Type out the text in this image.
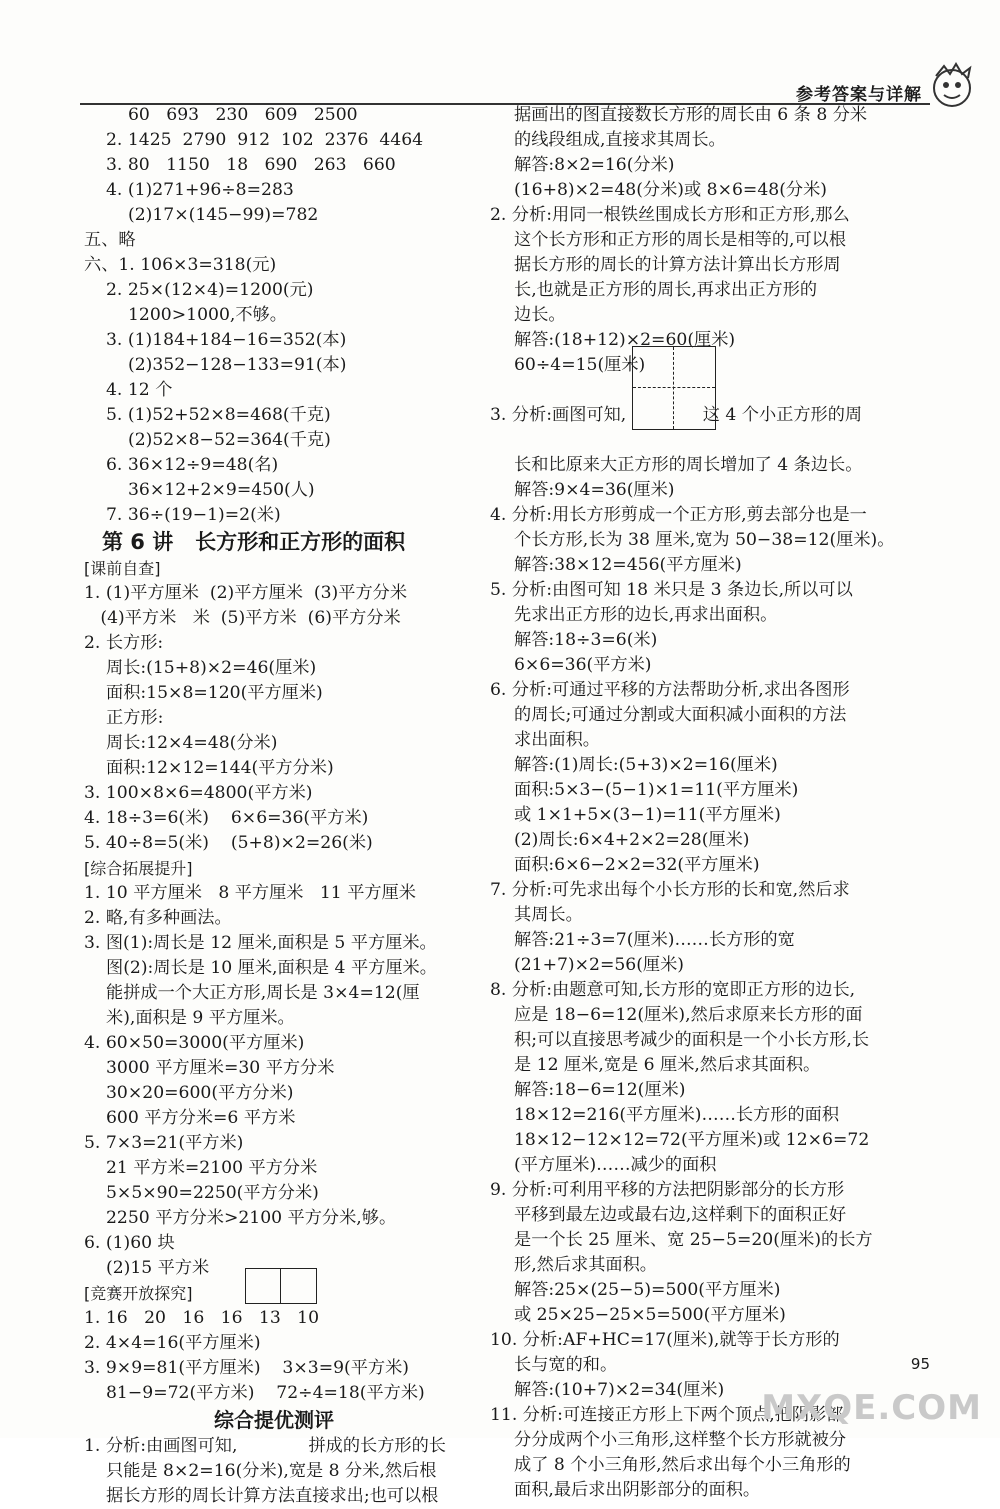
参考答案与详解
60   693   230   609   2500
2. 1425  2790  912  102  2376  4464
3. 80   1150   18   690   263   660
4. (1)271+96÷8=283
(2)17×(145−99)=782
五、略
六、1. 106×3=318(元)
2. 25×(12×4)=1200(元)
1200>1000,不够。
3. (1)184+184−16=352(本)
(2)352−128−133=91(本)
4. 12 个
5. (1)52+52×8=468(千克)
(2)52×8−52=364(千克)
6. 36×12÷9=48(名)
36×12+2×9=450(人)
7. 36÷(19−1)=2(米)
第 6 讲   长方形和正方形的面积
[课前自查]
1. (1)平方厘米  (2)平方厘米  (3)平方分米
(4)平方米   米  (5)平方米  (6)平方分米
2. 长方形:
周长:(15+8)×2=46(厘米)
面积:15×8=120(平方厘米)
正方形:
周长:12×4=48(分米)
面积:12×12=144(平方分米)
3. 100×8×6=4800(平方米)
4. 18÷3=6(米)    6×6=36(平方米)
5. 40÷8=5(米)    (5+8)×2=26(米)
[综合拓展提升]
1. 10 平方厘米   8 平方厘米   11 平方厘米
2. 略,有多种画法。
3. 图(1):周长是 12 厘米,面积是 5 平方厘米。
图(2):周长是 10 厘米,面积是 4 平方厘米。
能拼成一个大正方形,周长是 3×4=12(厘
米),面积是 9 平方厘米。
4. 60×50=3000(平方厘米)
3000 平方厘米=30 平方分米
30×20=600(平方分米)
600 平方分米=6 平方米
5. 7×3=21(平方米)
21 平方米=2100 平方分米
5×5×90=2250(平方分米)
2250 平方分米>2100 平方分米,够。
6. (1)60 块
(2)15 平方米
[竞赛开放探究]
1. 16   20   16   16   13   10
2. 4×4=16(平方厘米)
3. 9×9=81(平方厘米)    3×3=9(平方米)
81−9=72(平方米)    72÷4=18(平方米)
综合提优测评
1. 分析:由画图可知,             拼成的长方形的长
只能是 8×2=16(分米),宽是 8 分米,然后根
据长方形的周长计算方法直接求出;也可以根
据画出的图直接数长方形的周长由 6 条 8 分米
的线段组成,直接求其周长。
解答:8×2=16(分米)
(16+8)×2=48(分米)或 8×6=48(分米)
2. 分析:用同一根铁丝围成长方形和正方形,那么
这个长方形和正方形的周长是相等的,可以根
据长方形的周长的计算方法计算出长方形周
长,也就是正方形的周长,再求出正方形的
边长。
解答:(18+12)×2=60(厘米)
60÷4=15(厘米)
3. 分析:画图可知,              这 4 个小正方形的周
长和比原来大正方形的周长增加了 4 条边长。
解答:9×4=36(厘米)
4. 分析:用长方形剪成一个正方形,剪去部分也是一
个长方形,长为 38 厘米,宽为 50−38=12(厘米)。
解答:38×12=456(平方厘米)
5. 分析:由图可知 18 米只是 3 条边长,所以可以
先求出正方形的边长,再求出面积。
解答:18÷3=6(米)
6×6=36(平方米)
6. 分析:可通过平移的方法帮助分析,求出各图形
的周长;可通过分割或大面积减小面积的方法
求出面积。
解答:(1)周长:(5+3)×2=16(厘米)
面积:5×3−(5−1)×1=11(平方厘米)
或 1×1+5×(3−1)=11(平方厘米)
(2)周长:6×4+2×2=28(厘米)
面积:6×6−2×2=32(平方厘米)
7. 分析:可先求出每个小长方形的长和宽,然后求
其周长。
解答:21÷3=7(厘米)……长方形的宽
(21+7)×2=56(厘米)
8. 分析:由题意可知,长方形的宽即正方形的边长,
应是 18−6=12(厘米),然后求原来长方形的面
积;可以直接思考减少的面积是一个小长方形,长
是 12 厘米,宽是 6 厘米,然后求其面积。
解答:18−6=12(厘米)
18×12=216(平方厘米)……长方形的面积
18×12−12×12=72(平方厘米)或 12×6=72
(平方厘米)……减少的面积
9. 分析:可利用平移的方法把阴影部分的长方形
平移到最左边或最右边,这样剩下的面积正好
是一个长 25 厘米、宽 25−5=20(厘米)的长方
形,然后求其面积。
解答:25×(25−5)=500(平方厘米)
或 25×25−25×5=500(平方厘米)
10. 分析:AF+HC=17(厘米),就等于长方形的
长与宽的和。
解答:(10+7)×2=34(厘米)
11. 分析:可连接正方形上下两个顶点,把阴影部
分分成两个小三角形,这样整个长方形就被分
成了 8 个小三角形,然后求出每个小三角形的
面积,最后求出阴影部分的面积。
95
MXQE.COM
